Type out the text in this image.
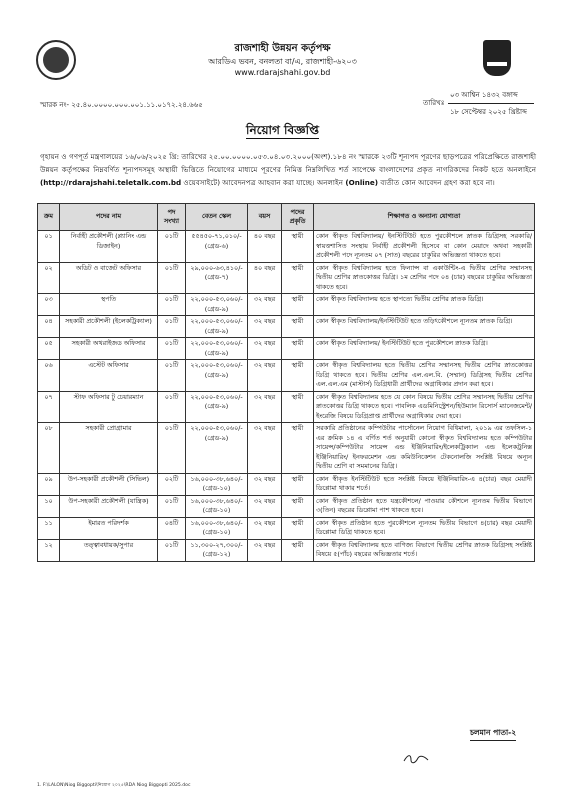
রাজশাহী উন্নয়ন কর্তৃপক্ষ
আরডিএ ভবন, বনলতা বা/এ, রাজশাহী-৬২০৩
www.rdarajshahi.gov.bd
স্মারক নং- ২৫.৪০.০০০০.০০০.০০১.১১.০১৭২.২৪.৬৬৫	তারিখঃ
০৩ আশ্বিন ১৪৩২ বঙ্গাব্দ
১৮ সেপ্টেম্বর ২০২৫ খ্রিষ্টাব্দ
নিয়োগ বিজ্ঞপ্তি
গৃহায়ন ও গণপূর্ত মন্ত্রণালয়ের ১৬/০৬/২০২৫ খ্রি: তারিখের ২৫.০০.০০০০.০৫৩.০৪.০৩.২০০০(অংশ).১৮৪ নং স্মারকে ২৩টি শূন্যপদ পূরণের ছাড়পত্রের পরিপ্রেক্ষিতে রাজশাহী উন্নয়ন কর্তৃপক্ষের নিম্নবর্ণিত শূন্যপদসমূহ অস্থায়ী ভিত্তিতে নিয়োগের মাধ্যমে পূরণের নিমিত্ত নিম্নলিখিত শর্ত সাপেক্ষে বাংলাদেশের প্রকৃত নাগরিকদের নিকট হতে অনলাইনে (http://rdarajshahi.teletalk.com.bd ওয়েবসাইটে) আবেদনপত্র আহবান করা যাচ্ছে। অনলাইন (Online) ব্যতীত কোন আবেদন গ্রহণ করা হবে না।
ক্রম	পদের নাম	পদ সংখ্যা	বেতন স্কেল	বয়স	পদের প্রকৃতি	শিক্ষাগত ও অন্যান্য যোগ্যতা
০১	নির্বাহী প্রকৌশলী (প্ল্যানিং এন্ড ডিজাইন)	০১টি	৫৫৪৫০-৭১,০১০/- (গ্রেড-৬)	৪০ বছর	স্থায়ী	কোন স্বীকৃত বিশ্ববিদ্যালয়/ ইনস্টিটিউট হতে পুরকৌশলে স্নাতক ডিগ্রিসহ সরকারি/ স্বায়ত্তশাসিত সংস্থায় নির্বাহী প্রকৌশলী হিসেবে বা কোন মেয়াদে অথবা সহকারী প্রকৌশলী পদে ন্যূনতম ০৭ (সাত) বছরের চাকুরির অভিজ্ঞতা থাকতে হবে।
০২	অডিট ও বাজেট অফিসার	০১টি	২৯,০০০-৬৩,৪১০/- (গ্রেড-৭)	৪০ বছর	স্থায়ী	কোন স্বীকৃত বিশ্ববিদ্যালয় হতে ফিন্যান্স বা একাউন্টিং-এ দ্বিতীয় শ্রেণির সম্মানসহ দ্বিতীয় শ্রেণির স্নাতকোত্তর ডিগ্রি। ১ম শ্রেণির পদে ০৪ (চার) বছরের চাকুরির অভিজ্ঞতা থাকতে হবে।
০৩	স্থপতি	০১টি	২২,০০০-৫৩,০৬০/- (গ্রেড-৯)	৩২ বছর	স্থায়ী	কোন স্বীকৃত বিশ্ববিদ্যালয় হতে স্থাপত্যে দ্বিতীয় শ্রেণির স্নাতক ডিগ্রি।
০৪	সহকারী প্রকৌশলী (ইলেকট্রিক্যাল)	০১টি	২২,০০০-৫৩,০৬০/- (গ্রেড-৯)	৩২ বছর	স্থায়ী	কোন স্বীকৃত বিশ্ববিদ্যালয়/ইনস্টিটিউট হতে তড়িৎকৌশলে ন্যূনতম স্নাতক ডিগ্রি।
০৫	সহকারী অথরাইজড অফিসার	০১টি	২২,০০০-৫৩,০৬০/- (গ্রেড-৯)	৩২ বছর	স্থায়ী	কোন স্বীকৃত বিশ্ববিদ্যালয়/ ইনস্টিটিউট হতে পুরকৌশলে স্নাতক ডিগ্রি।
০৬	এস্টেট অফিসার	০১টি	২২,০০০-৫৩,০৬০/- (গ্রেড-৯)	৩২ বছর	স্থায়ী	কোন স্বীকৃত বিশ্ববিদ্যালয় হতে দ্বিতীয় শ্রেণির সম্মানসহ দ্বিতীয় শ্রেণির স্নাতকোত্তর ডিগ্রি থাকতে হবে। দ্বিতীয় শ্রেণির এল.এল.বি. (সম্মান) ডিগ্রিসহ দ্বিতীয় শ্রেণির এল.এল.এম (মাস্টার্স) ডিগ্রিধারী প্রার্থীদের অগ্রাধিকার প্রদান করা হবে।
০৭	স্টাফ অফিসার টু চেয়ারম্যান	০১টি	২২,০০০-৫৩,০৬০/- (গ্রেড-৯)	৩২ বছর	স্থায়ী	কোন স্বীকৃত বিশ্ববিদ্যালয় হতে যে কোন বিষয়ে দ্বিতীয় শ্রেণির সম্মানসহ দ্বিতীয় শ্রেণির স্নাতকোত্তর ডিগ্রি থাকতে হবে। পাবলিক এডমিনিস্ট্রেশন/হিউম্যান রিসোর্স ম্যানেজমেন্ট/ইংরেজি বিষয়ে ডিগ্রিপ্রাপ্ত প্রার্থীদের অগ্রাধিকার দেয়া হবে।
০৮	সহকারী প্রোগ্রামার	০১টি	২২,০০০-৫৩,০৬০/- (গ্রেড-৯)	৩২ বছর	স্থায়ী	সরকারি প্রতিষ্ঠানের কম্পিউটার পার্সোনেল নিয়োগ বিধিমালা, ২০১৯ এর তফসিল-১ এর ক্রমিক ১৪ এ বর্ণিত শর্ত অনুযায়ী কোনো স্বীকৃত বিশ্ববিদ্যালয় হতে কম্পিউটার সায়েন্স/কম্পিউটার সায়েন্স এন্ড ইঞ্জিনিয়ারিং/ইলেকট্রিক্যাল এন্ড ইলেকট্রনিক্স ইঞ্জিনিয়ারিং/ ইনফরমেশন এন্ড কমিউনিকেশন টেকনোলজি সংশ্লিষ্ট বিষয়ে অন্যূন দ্বিতীয় শ্রেণি বা সমমানের ডিগ্রি।
০৯	উপ-সহকারী প্রকৌশলী (সিভিল)	০২টি	১৬,০০০-৩৮,৬৪০/- (গ্রেড-১০)	৩২ বছর	স্থায়ী	কোন স্বীকৃত ইনস্টিটিউট হতে সংশ্লিষ্ট বিষয়ে ইঞ্জিনিয়ারিং-এ ৪(চার) বছর মেয়াদী ডিপ্লোমা থাকার শর্তে।
১০	উপ-সহকারী প্রকৌশলী (যান্ত্রিক)	০১টি	১৬,০০০-৩৮,৬৪০/- (গ্রেড-১০)	৩২ বছর	স্থায়ী	কোন স্বীকৃত প্রতিষ্ঠান হতে যন্ত্রকৌশলে/ পাওয়ার কৌশলে ন্যূনতম দ্বিতীয় বিভাগে ৩(তিন) বছরের ডিপ্লোমা পাশ থাকতে হবে।
১১	ইমারত পরিদর্শক	০৪টি	১৬,০০০-৩৮,৬৪০/- (গ্রেড-১০)	৩২ বছর	স্থায়ী	কোন স্বীকৃত প্রতিষ্ঠান হতে পুরকৌশলে ন্যূনতম দ্বিতীয় বিভাগে ৪(চার) বছর মেয়াদী ডিপ্লোমা ডিগ্রি থাকতে হবে।
১২	তত্ত্বাবধায়ক/সুপার	০১টি	১১,৩০০-২৭,৩০০/- (গ্রেড-১২)	৩২ বছর	স্থায়ী	কোন স্বীকৃত বিশ্ববিদ্যালয় হতে বাণিজ্য বিভাগে দ্বিতীয় শ্রেণির স্নাতক ডিগ্রিসহ সংশ্লিষ্ট বিষয়ে ৫(পাঁচ) বছরের অভিজ্ঞতার শর্তে।
চলমান পাতা-২
1. F:\LALON\Niog Biggopti\নিয়োগ ২০২৫\RDA Niog Biggopti 2025.doc
